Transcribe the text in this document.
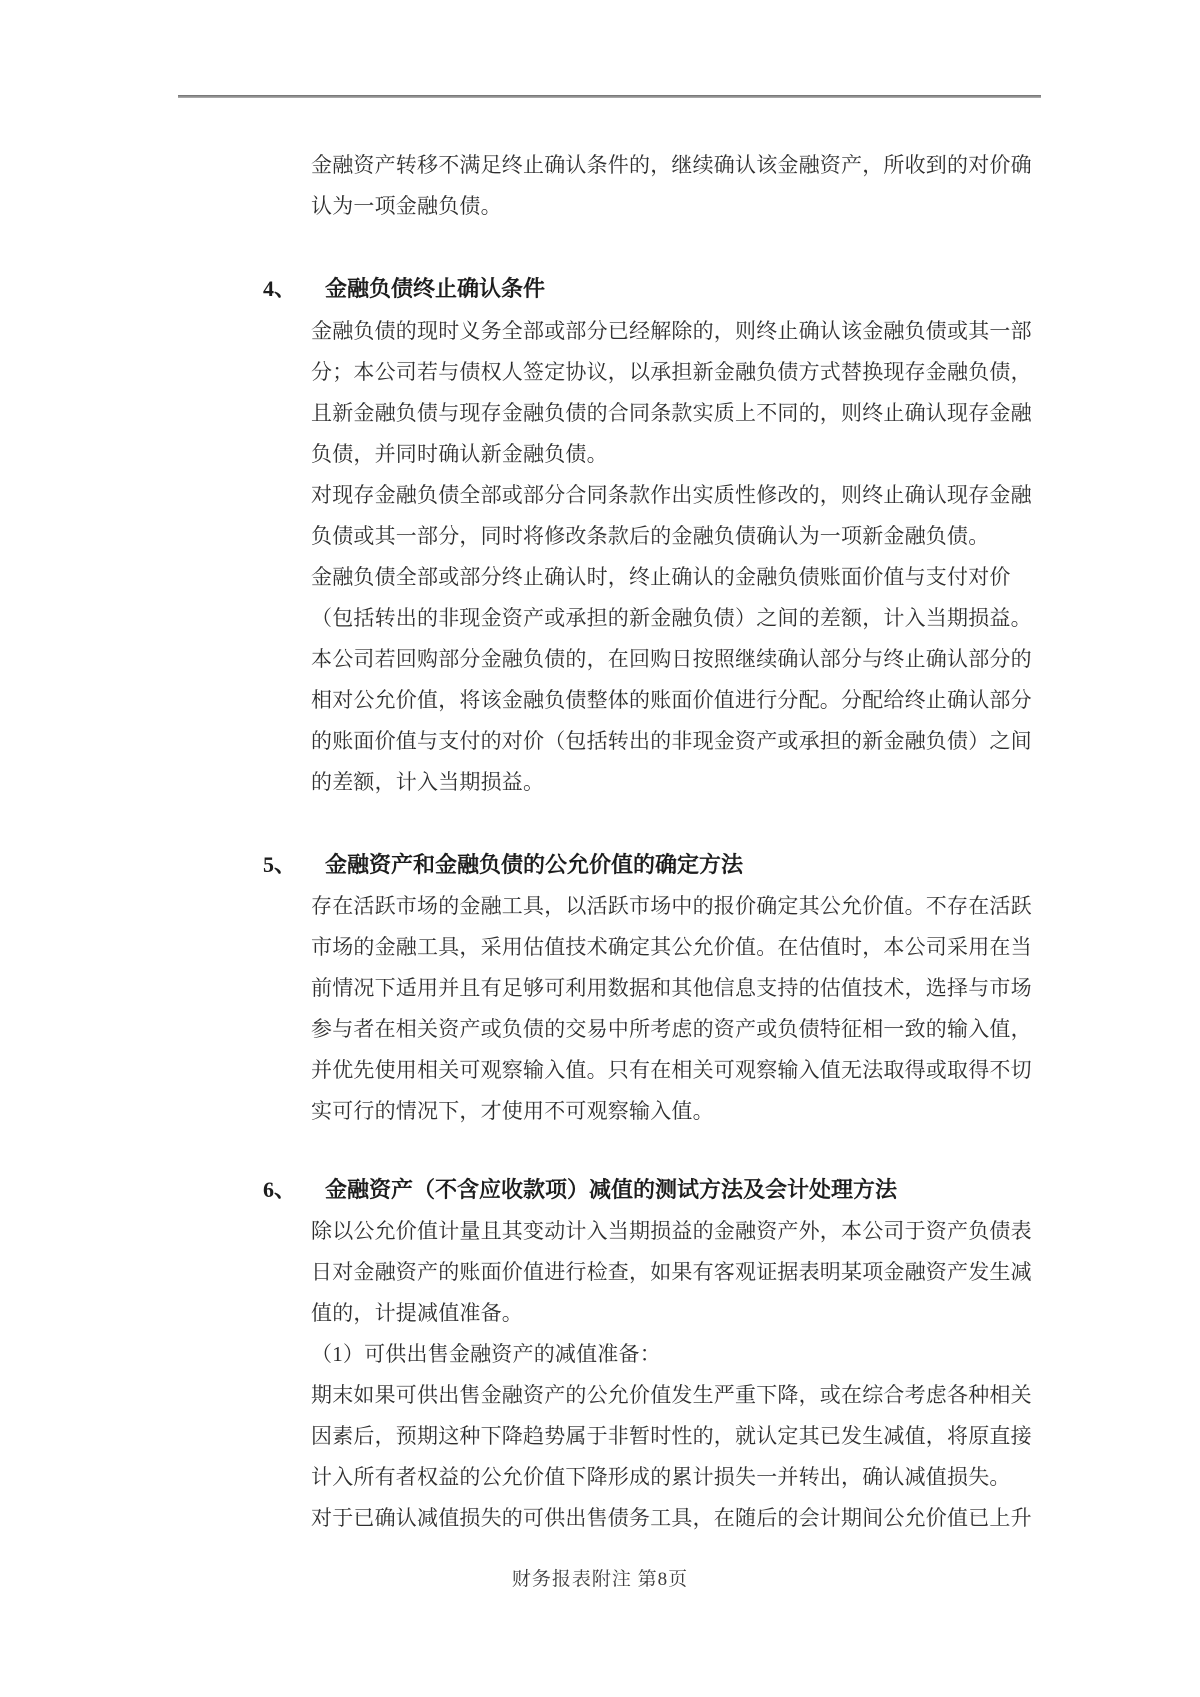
金融资产转移不满足终止确认条件的，继续确认该金融资产，所收到的对价确
认为一项金融负债。
4、 金融负债终止确认条件
金融负债的现时义务全部或部分已经解除的，则终止确认该金融负债或其一部
分；本公司若与债权人签定协议，以承担新金融负债方式替换现存金融负债，
且新金融负债与现存金融负债的合同条款实质上不同的，则终止确认现存金融
负债，并同时确认新金融负债。
对现存金融负债全部或部分合同条款作出实质性修改的，则终止确认现存金融
负债或其一部分，同时将修改条款后的金融负债确认为一项新金融负债。
金融负债全部或部分终止确认时，终止确认的金融负债账面价值与支付对价
（包括转出的非现金资产或承担的新金融负债）之间的差额，计入当期损益。
本公司若回购部分金融负债的，在回购日按照继续确认部分与终止确认部分的
相对公允价值，将该金融负债整体的账面价值进行分配。分配给终止确认部分
的账面价值与支付的对价（包括转出的非现金资产或承担的新金融负债）之间
的差额，计入当期损益。
5、 金融资产和金融负债的公允价值的确定方法
存在活跃市场的金融工具，以活跃市场中的报价确定其公允价值。不存在活跃
市场的金融工具，采用估值技术确定其公允价值。在估值时，本公司采用在当
前情况下适用并且有足够可利用数据和其他信息支持的估值技术，选择与市场
参与者在相关资产或负债的交易中所考虑的资产或负债特征相一致的输入值，
并优先使用相关可观察输入值。只有在相关可观察输入值无法取得或取得不切
实可行的情况下，才使用不可观察输入值。
6、 金融资产（不含应收款项）减值的测试方法及会计处理方法
除以公允价值计量且其变动计入当期损益的金融资产外，本公司于资产负债表
日对金融资产的账面价值进行检查，如果有客观证据表明某项金融资产发生减
值的，计提减值准备。
（1）可供出售金融资产的减值准备：
期末如果可供出售金融资产的公允价值发生严重下降，或在综合考虑各种相关
因素后，预期这种下降趋势属于非暂时性的，就认定其已发生减值，将原直接
计入所有者权益的公允价值下降形成的累计损失一并转出，确认减值损失。
对于已确认减值损失的可供出售债务工具，在随后的会计期间公允价值已上升
财务报表附注 第8页
